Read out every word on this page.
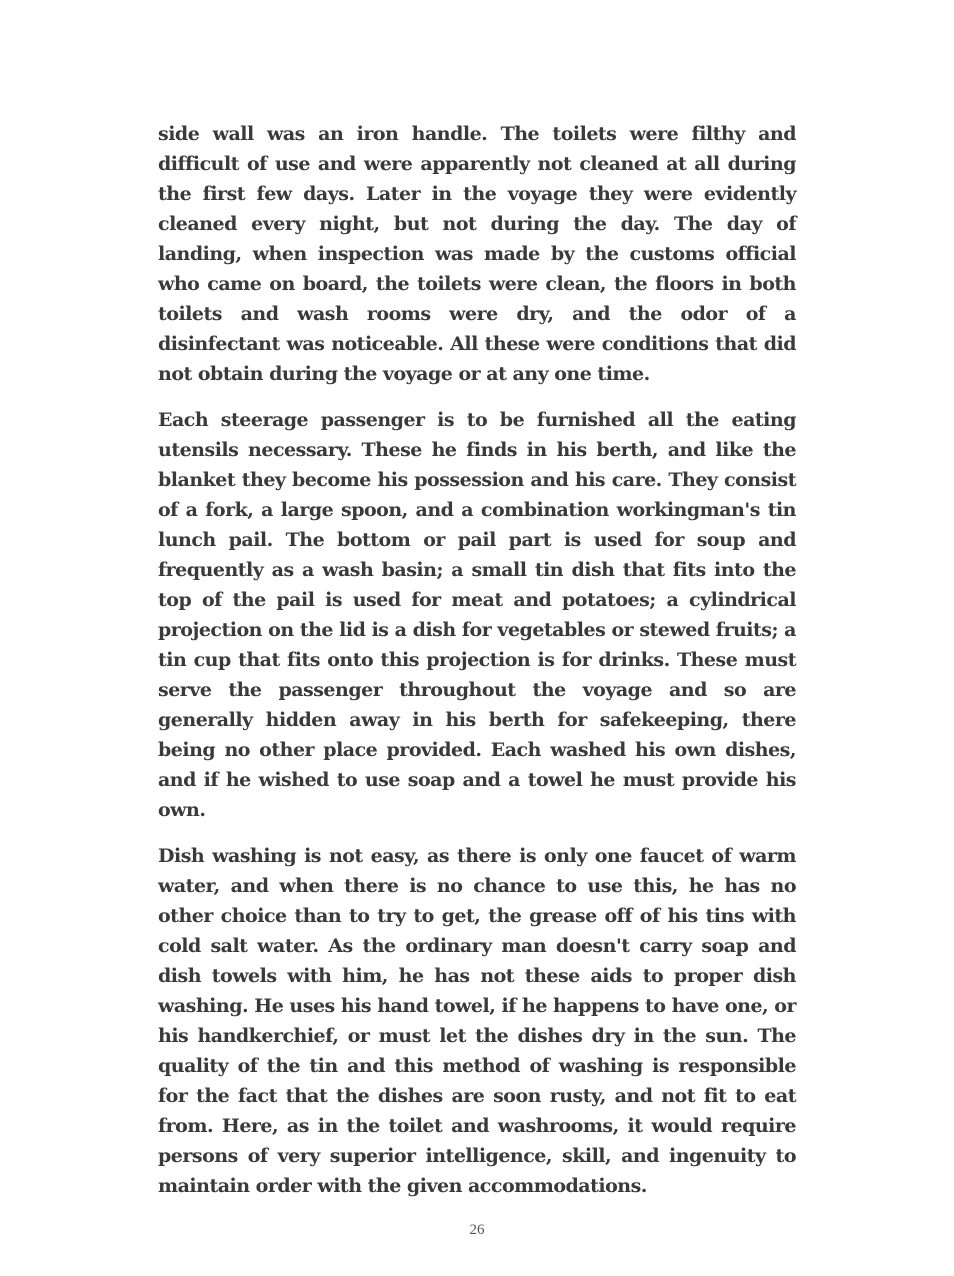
side wall was an iron handle. The toilets were filthy and difficult of use and were apparently not cleaned at all during the first few days. Later in the voyage they were evidently cleaned every night, but not during the day. The day of landing, when inspection was made by the customs official who came on board, the toilets were clean, the floors in both toilets and wash rooms were dry, and the odor of a disinfectant was noticeable. All these were conditions that did not obtain during the voyage or at any one time.

Each steerage passenger is to be furnished all the eating utensils necessary. These he finds in his berth, and like the blanket they become his possession and his care. They consist of a fork, a large spoon, and a combination workingman's tin lunch pail. The bottom or pail part is used for soup and frequently as a wash basin; a small tin dish that fits into the top of the pail is used for meat and potatoes; a cylindrical projection on the lid is a dish for vegetables or stewed fruits; a tin cup that fits onto this projection is for drinks. These must serve the passenger throughout the voyage and so are generally hidden away in his berth for safekeeping, there being no other place provided. Each washed his own dishes, and if he wished to use soap and a towel he must provide his own.

Dish washing is not easy, as there is only one faucet of warm water, and when there is no chance to use this, he has no other choice than to try to get, the grease off of his tins with cold salt water. As the ordinary man doesn't carry soap and dish towels with him, he has not these aids to proper dish washing. He uses his hand towel, if he happens to have one, or his handkerchief, or must let the dishes dry in the sun. The quality of the tin and this method of washing is responsible for the fact that the dishes are soon rusty, and not fit to eat from. Here, as in the toilet and washrooms, it would require persons of very superior intelligence, skill, and ingenuity to maintain order with the given accommodations.

26
